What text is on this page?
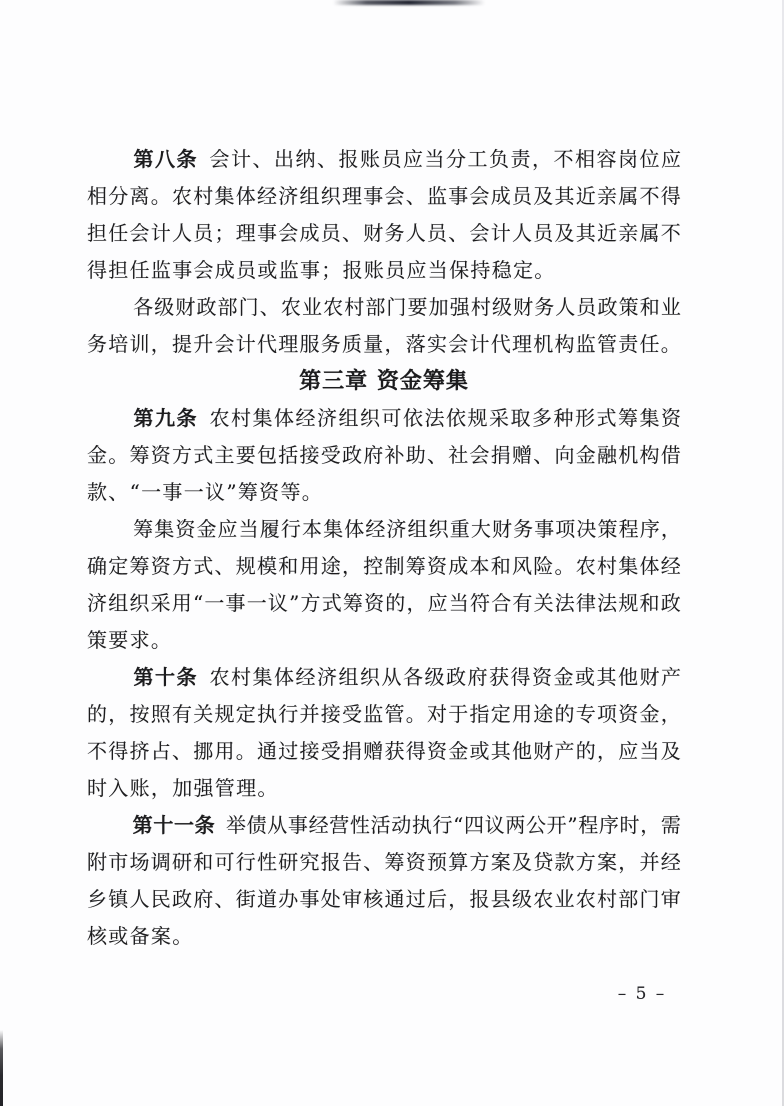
第 八 条 会 计 、 出 纳 、 报 账 员 应 当 分 工 负 责 ， 不 相 容 岗 位 应
相 分 离 。 农 村 集 体 经 济 组 织 理 事 会 、 监 事 会 成 员 及 其 近 亲 属 不 得
担 任 会 计 人 员 ； 理 事 会 成 员 、 财 务 人 员 、 会 计 人 员 及 其 近 亲 属 不
得担任监事会成员或监事；报账员应当保持稳定。
各 级 财 政 部 门 、 农 业 农 村 部 门 要 加 强 村 级 财 务 人 员 政 策 和 业
务 培 训 ， 提 升 会 计 代 理 服 务 质 量 ， 落 实 会 计 代 理 机 构 监 管 责 任 。
第三章 资金筹集
第 九 条 农 村 集 体 经 济 组 织 可 依 法 依 规 采 取 多 种 形 式 筹 集 资
金 。 筹 资 方 式 主 要 包 括 接 受 政 府 补 助 、 社 会 捐 赠 、 向 金 融 机 构 借
款、“一事一议”筹资等。
筹 集 资 金 应 当 履 行 本 集 体 经 济 组 织 重 大 财 务 事 项 决 策 程 序 ，
确 定 筹 资 方 式 、 规 模 和 用 途 ， 控 制 筹 资 成 本 和 风 险 。 农 村 集 体 经
济 组 织 采 用 “ 一 事 一 议 ” 方 式 筹 资 的 ， 应 当 符 合 有 关 法 律 法 规 和 政
策要求。
第 十 条 农 村 集 体 经 济 组 织 从 各 级 政 府 获 得 资 金 或 其 他 财 产
的 ， 按 照 有 关 规 定 执 行 并 接 受 监 管 。 对 于 指 定 用 途 的 专 项 资 金 ，
不 得 挤 占 、 挪 用 。 通 过 接 受 捐 赠 获 得 资 金 或 其 他 财 产 的 ， 应 当 及
时入账，加强管理。
第 十 一 条 举 债 从 事 经 营 性 活 动 执 行 “ 四 议 两 公 开 ” 程 序 时 ， 需
附 市 场 调 研 和 可 行 性 研 究 报 告 、 筹 资 预 算 方 案 及 贷 款 方 案 ， 并 经
乡 镇 人 民 政 府 、 街 道 办 事 处 审 核 通 过 后 ， 报 县 级 农 业 农 村 部 门 审
核或备案。
– 5 –
